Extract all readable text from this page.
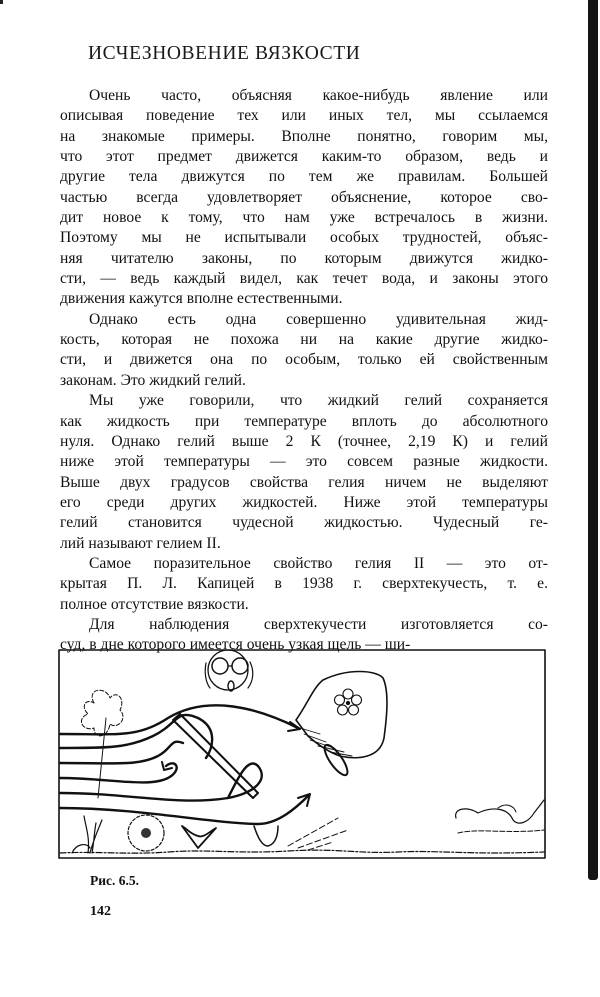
ИСЧЕЗНОВЕНИЕ ВЯЗКОСТИ

Очень часто, объясняя какое-нибудь явление или
описывая поведение тех или иных тел, мы ссылаемся
на знакомые примеры. Вполне понятно, говорим мы,
что этот предмет движется каким-то образом, ведь и
другие тела движутся по тем же правилам. Большей
частью всегда удовлетворяет объяснение, которое сво-
дит новое к тому, что нам уже встречалось в жизни.
Поэтому мы не испытывали особых трудностей, объяс-
няя читателю законы, по которым движутся жидко-
сти, — ведь каждый видел, как течет вода, и законы этого
движения кажутся вполне естественными.

Однако есть одна совершенно удивительная жид-
кость, которая не похожа ни на какие другие жидко-
сти, и движется она по особым, только ей свойственным
законам. Это жидкий гелий.

Мы уже говорили, что жидкий гелий сохраняется
как жидкость при температуре вплоть до абсолютного
нуля. Однако гелий выше 2 К (точнее, 2,19 К) и гелий
ниже этой температуры — это совсем разные жидкости.
Выше двух градусов свойства гелия ничем не выделяют
его среди других жидкостей. Ниже этой температуры
гелий становится чудесной жидкостью. Чудесный ге-
лий называют гелием II.

Самое поразительное свойство гелия II — это от-
крытая П. Л. Капицей в 1938 г. сверхтекучесть, т. е.
полное отсутствие вязкости.

Для наблюдения сверхтекучести изготовляется со-
суд, в дне которого имеется очень узкая щель — ши-

Рис. 6.5.
142
